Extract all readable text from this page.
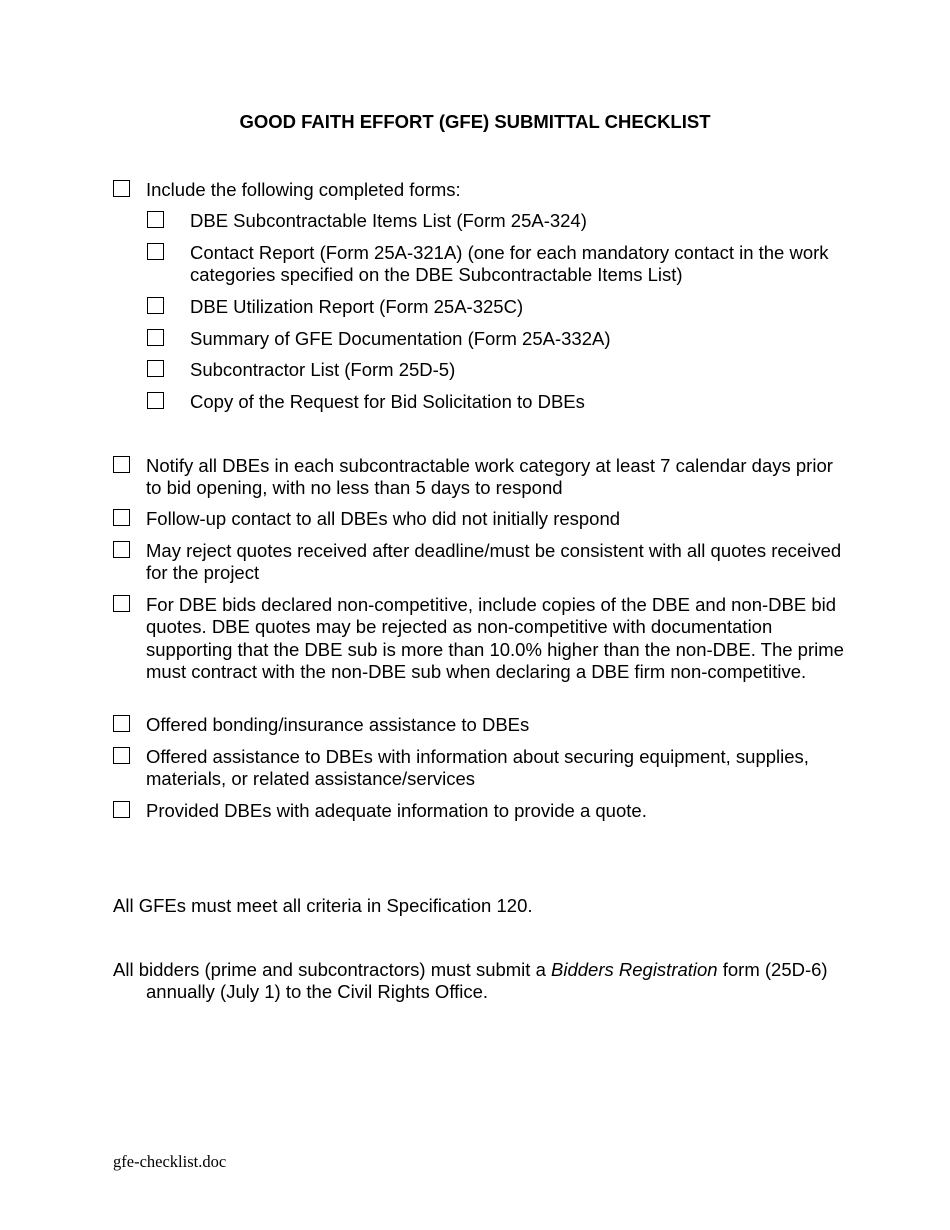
GOOD FAITH EFFORT (GFE) SUBMITTAL CHECKLIST
Include the following completed forms:
DBE Subcontractable Items List (Form 25A-324)
Contact Report (Form 25A-321A) (one for each mandatory contact in the work categories specified on the DBE Subcontractable Items List)
DBE Utilization Report (Form 25A-325C)
Summary of GFE Documentation (Form 25A-332A)
Subcontractor List (Form 25D-5)
Copy of the Request for Bid Solicitation to DBEs
Notify all DBEs in each subcontractable work category at least 7 calendar days prior to bid opening, with no less than 5 days to respond
Follow-up contact to all DBEs who did not initially respond
May reject quotes received after deadline/must be consistent with all quotes received for the project
For DBE bids declared non-competitive, include copies of the DBE and non-DBE bid quotes. DBE quotes may be rejected as non-competitive with documentation supporting that the DBE sub is more than 10.0% higher than the non-DBE. The prime must contract with the non-DBE sub when declaring a DBE firm non-competitive.
Offered bonding/insurance assistance to DBEs
Offered assistance to DBEs with information about securing equipment, supplies, materials, or related assistance/services
Provided DBEs with adequate information to provide a quote.
All GFEs must meet all criteria in Specification 120.
All bidders (prime and subcontractors) must submit a Bidders Registration form (25D-6) annually (July 1) to the Civil Rights Office.
gfe-checklist.doc
